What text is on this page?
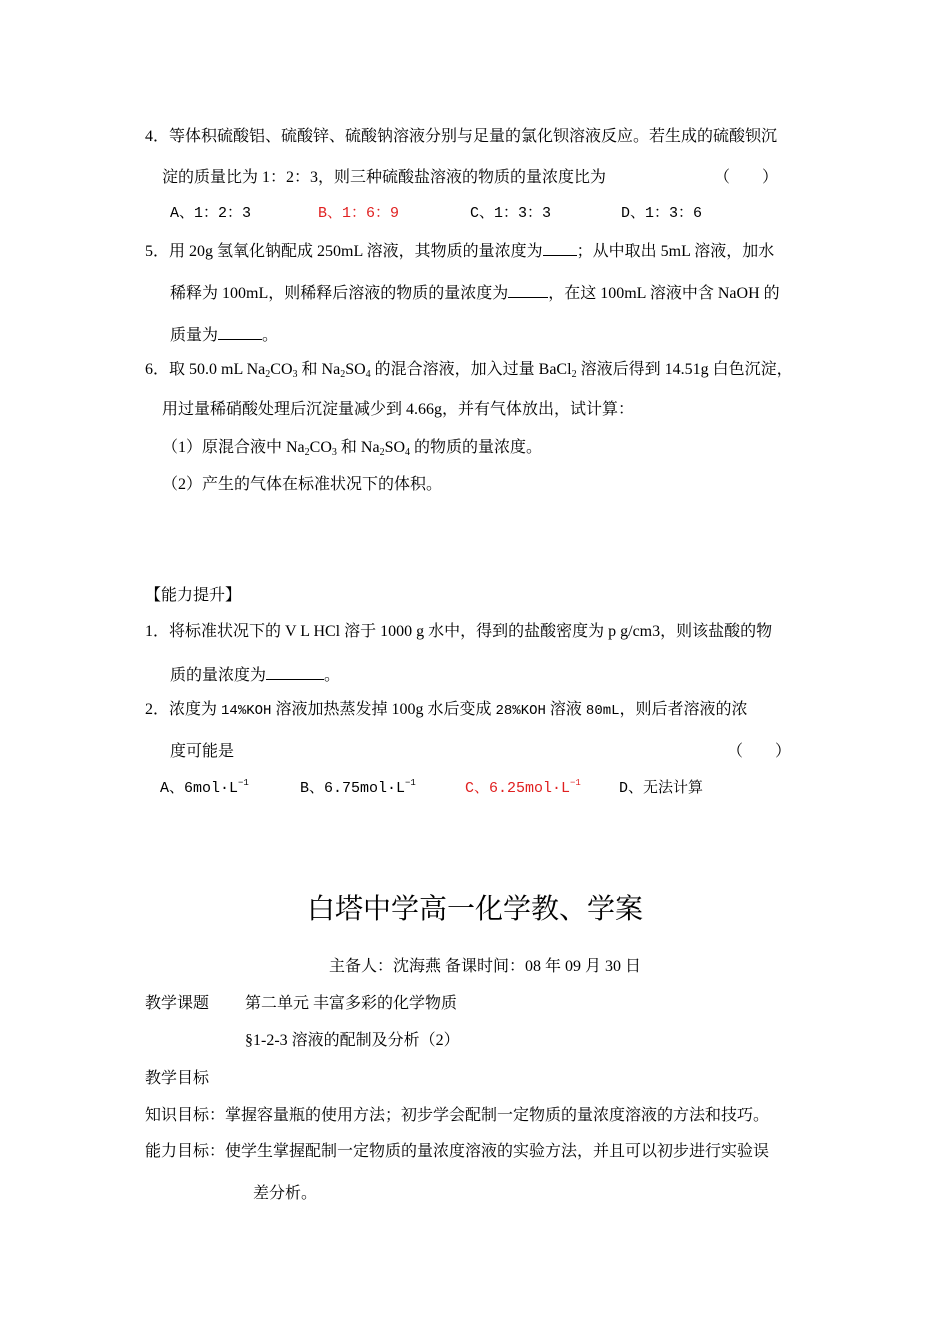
4．等体积硫酸铝、硫酸锌、硫酸钠溶液分别与足量的氯化钡溶液反应。若生成的硫酸钡沉
淀的质量比为 1：2：3，则三种硫酸盐溶液的物质的量浓度比为	（　　）
A、1：2：3	B、1：6：9	C、1：3：3	D、1：3：6
5．用 20g 氢氧化钠配成 250mL 溶液，其物质的量浓度为 ；从中取出 5mL 溶液，加水
稀释为 100mL，则稀释后溶液的物质的量浓度为	，在这 100mL 溶液中含 NaOH 的
质量为	。
6．取 50.0 mL $Na_2CO_3$ 和 $Na_2SO_4$ 的混合溶液，加入过量 BaCl$_2$ 溶液后得到 14.51g 白色沉淀，
用过量稀硝酸处理后沉淀量减少到 4.66g，并有气体放出，试计算：
（1）原混合液中 $Na_2CO_3$ 和 $Na_2SO_4$ 的物质的量浓度。
（2）产生的气体在标准状况下的体积。
【能力提升】
1．将标准状况下的 V L HCl 溶于 1000 g 水中，得到的盐酸密度为 p g/cm3，则该盐酸的物
质的量浓度为	。
2．浓度为 14%KOH 溶液加热蒸发掉 100g 水后变成 28%KOH 溶液 80mL，则后者溶液的浓
度可能是	（　　）
A、$6mol\cdot L^{-1}$	B、$6.75mol\cdot L^{-1}$	C、$6.25mol\cdot L^{-1}$	D、无法计算
白塔中学高一化学教、学案
主备人：沈海燕 备课时间：08 年 09 月 30 日
教学课题 第二单元 丰富多彩的化学物质
§1-2-3 溶液的配制及分析（2）
教学目标
知识目标：掌握容量瓶的使用方法；初步学会配制一定物质的量浓度溶液的方法和技巧。
能力目标：使学生掌握配制一定物质的量浓度溶液的实验方法，并且可以初步进行实验误
差分析。
